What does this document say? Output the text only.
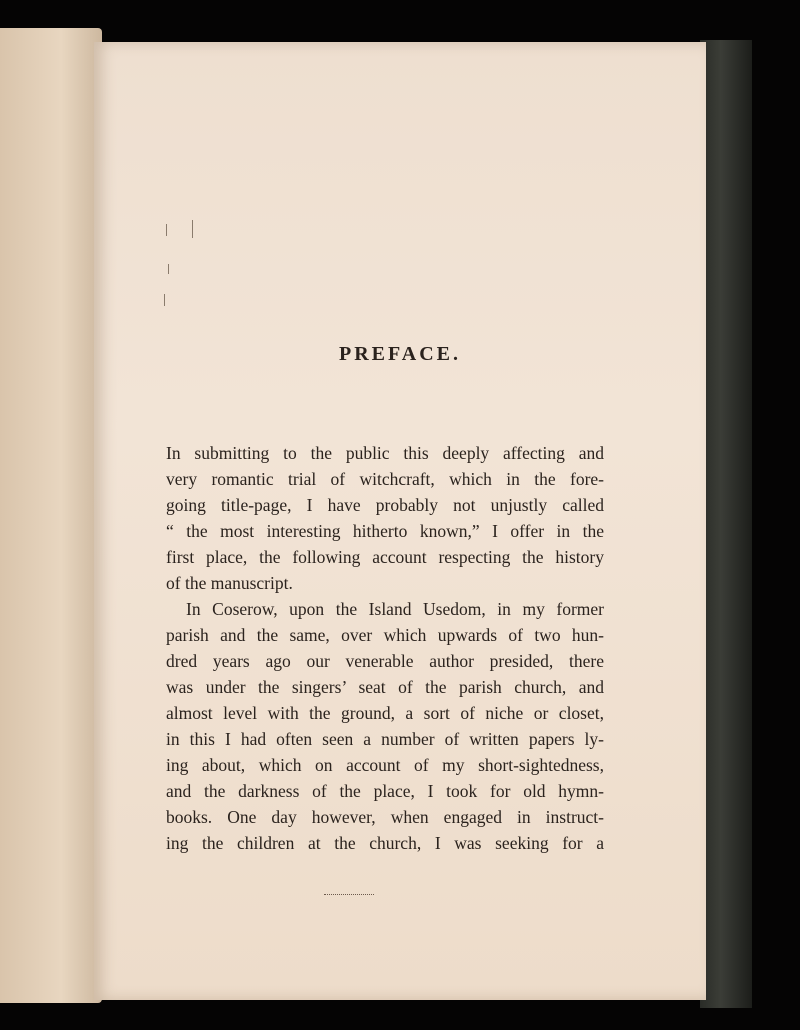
PREFACE.
In submitting to the public this deeply affecting and
very romantic trial of witchcraft, which in the fore-
going title-page, I have probably not unjustly called
“ the most interesting hitherto known,” I offer in the
first place, the following account respecting the history
of the manuscript.
In Coserow, upon the Island Usedom, in my former
parish and the same, over which upwards of two hun-
dred years ago our venerable author presided, there
was under the singers’ seat of the parish church, and
almost level with the ground, a sort of niche or closet,
in this I had often seen a number of written papers ly-
ing about, which on account of my short-sightedness,
and the darkness of the place, I took for old hymn-
books. One day however, when engaged in instruct-
ing the children at the church, I was seeking for a
